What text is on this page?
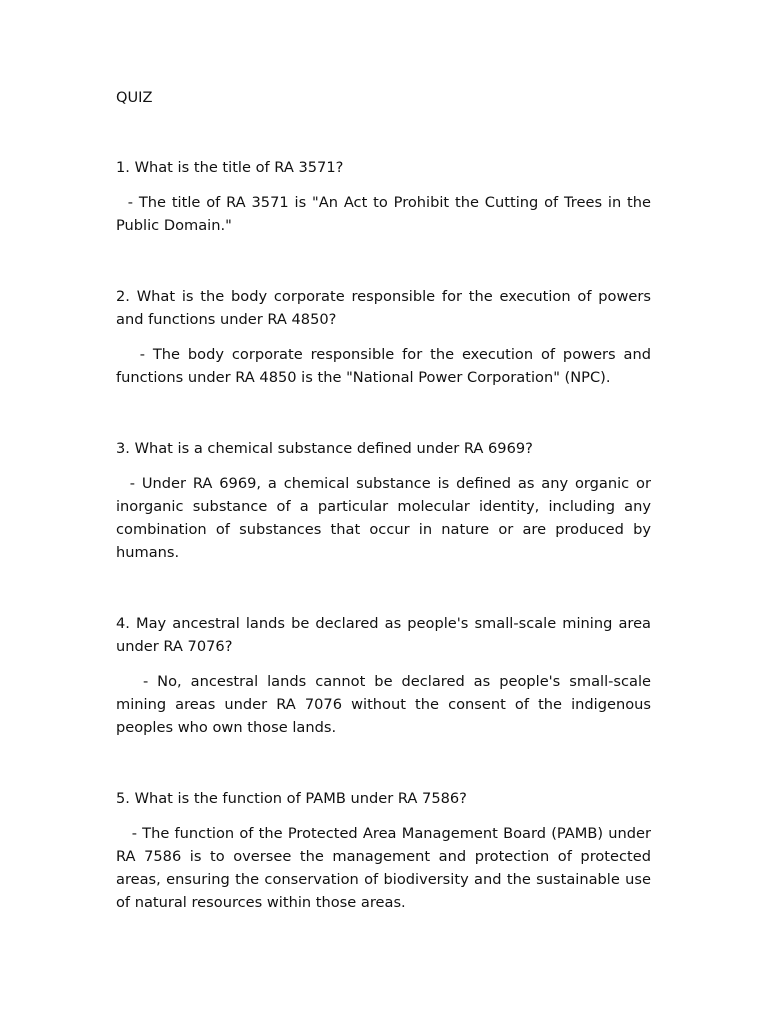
QUIZ

1. What is the title of RA 3571?

- The title of RA 3571 is "An Act to Prohibit the Cutting of Trees in the Public Domain."

2. What is the body corporate responsible for the execution of powers and functions under RA 4850?

- The body corporate responsible for the execution of powers and functions under RA 4850 is the "National Power Corporation" (NPC).

3. What is a chemical substance defined under RA 6969?

- Under RA 6969, a chemical substance is defined as any organic or inorganic substance of a particular molecular identity, including any combination of substances that occur in nature or are produced by humans.

4. May ancestral lands be declared as people's small-scale mining area under RA 7076?

- No, ancestral lands cannot be declared as people's small-scale mining areas under RA 7076 without the consent of the indigenous peoples who own those lands.

5. What is the function of PAMB under RA 7586?

- The function of the Protected Area Management Board (PAMB) under RA 7586 is to oversee the management and protection of protected areas, ensuring the conservation of biodiversity and the sustainable use of natural resources within those areas.
